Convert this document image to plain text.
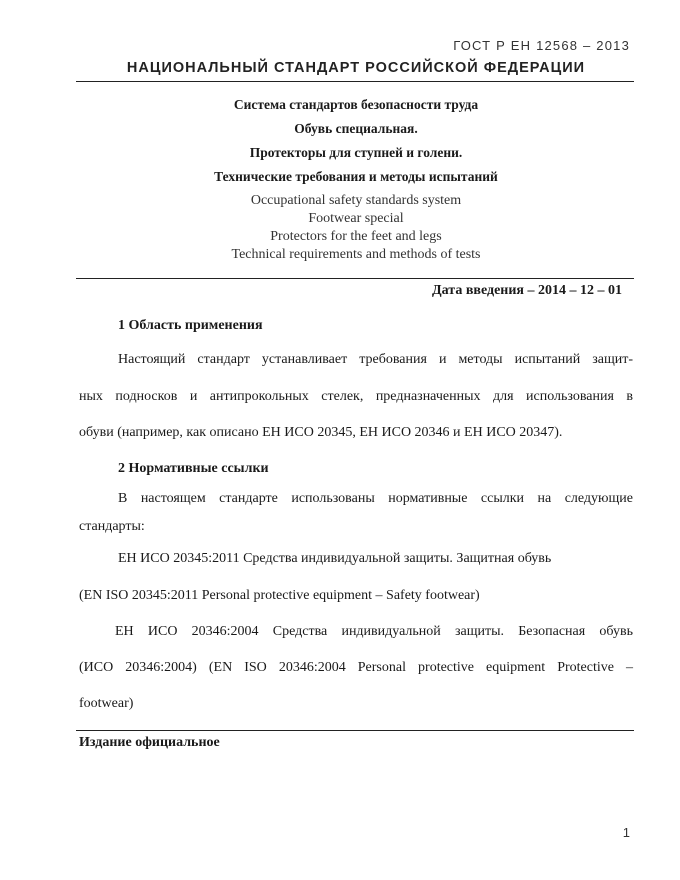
ГОСТ Р ЕН 12568 – 2013
НАЦИОНАЛЬНЫЙ СТАНДАРТ РОССИЙСКОЙ ФЕДЕРАЦИИ
Система стандартов безопасности труда
Обувь специальная.
Протекторы для ступней и голени.
Технические требования и методы испытаний
Occupational safety standards system
Footwear special
Protectors for the feet and legs
Technical requirements and methods of tests
Дата введения – 2014 – 12 – 01
1 Область применения
Настоящий стандарт устанавливает требования и методы испытаний защит-
ных подносков и антипрокольных стелек, предназначенных для использования в
обуви (например, как описано ЕН ИСО 20345, ЕН ИСО 20346 и ЕН ИСО 20347).
2 Нормативные ссылки
В настоящем стандарте использованы нормативные ссылки на следующие
стандарты:
ЕН ИСО 20345:2011 Средства индивидуальной защиты. Защитная обувь
(EN ISO 20345:2011 Personal protective equipment – Safety footwear)
ЕН ИСО 20346:2004 Средства индивидуальной защиты. Безопасная обувь
(ИСО 20346:2004) (EN ISO 20346:2004 Personal protective equipment Protective –
footwear)
Издание официальное
1
